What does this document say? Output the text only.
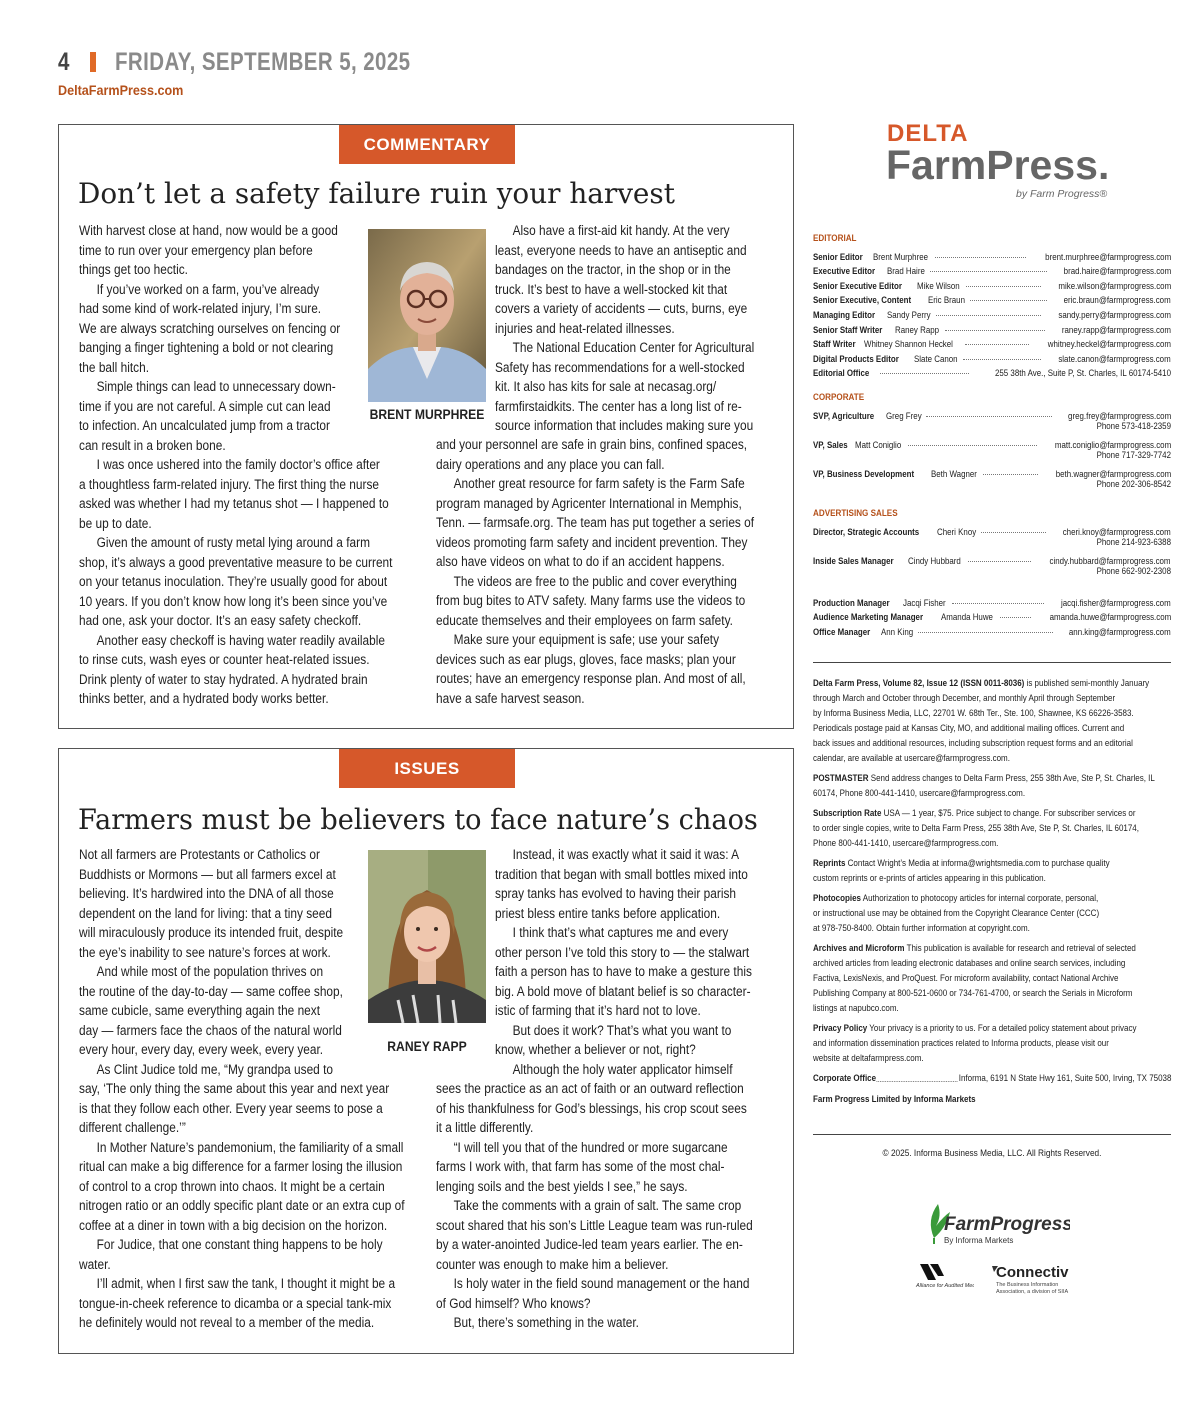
4 FRIDAY, SEPTEMBER 5, 2025
DeltaFarmPress.com
COMMENTARY
Don’t let a safety failure ruin your harvest

With harvest close at hand, now would be a good

time to run over your emergency plan before

things get too hectic.

If you’ve worked on a farm, you’ve already

had some kind of work-related injury, I’m sure.

We are always scratching ourselves on fencing or

banging a finger tightening a bold or not clearing

the ball hitch.

Simple things can lead to unnecessary down-

time if you are not careful. A simple cut can lead

to infection. An uncalculated jump from a tractor

can result in a broken bone.

I was once ushered into the family doctor’s office after

a thoughtless farm-related injury. The first thing the nurse

asked was whether I had my tetanus shot — I happened to

be up to date.

Given the amount of rusty metal lying around a farm

shop, it’s always a good preventative measure to be current

on your tetanus inoculation. They’re usually good for about

10 years. If you don’t know how long it’s been since you’ve

had one, ask your doctor. It’s an easy safety checkoff.

Another easy checkoff is having water readily available

to rinse cuts, wash eyes or counter heat-related issues.

Drink plenty of water to stay hydrated. A hydrated brain

thinks better, and a hydrated body works better.

BRENT MURPHREE

Also have a first-aid kit handy. At the very

least, everyone needs to have an antiseptic and

bandages on the tractor, in the shop or in the

truck. It’s best to have a well-stocked kit that

covers a variety of accidents — cuts, burns, eye

injuries and heat-related illnesses.

The National Education Center for Agricultural

Safety has recommendations for a well-stocked

kit. It also has kits for sale at necasag.org/

farmfirstaidkits. The center has a long list of re-

source information that includes making sure you

and your personnel are safe in grain bins, confined spaces,

dairy operations and any place you can fall.

Another great resource for farm safety is the Farm Safe

program managed by Agricenter International in Memphis,

Tenn. — farmsafe.org. The team has put together a series of

videos promoting farm safety and incident prevention. They

also have videos on what to do if an accident happens.

The videos are free to the public and cover everything

from bug bites to ATV safety. Many farms use the videos to

educate themselves and their employees on farm safety.

Make sure your equipment is safe; use your safety

devices such as ear plugs, gloves, face masks; plan your

routes; have an emergency response plan. And most of all,

have a safe harvest season.

ISSUES
Farmers must be believers to face nature’s chaos

Not all farmers are Protestants or Catholics or

Buddhists or Mormons — but all farmers excel at

believing. It’s hardwired into the DNA of all those

dependent on the land for living: that a tiny seed

will miraculously produce its intended fruit, despite

the eye’s inability to see nature’s forces at work.

And while most of the population thrives on

the routine of the day-to-day — same coffee shop,

same cubicle, same everything again the next

day — farmers face the chaos of the natural world

every hour, every day, every week, every year.

As Clint Judice told me, “My grandpa used to

say, ‘The only thing the same about this year and next year

is that they follow each other. Every year seems to pose a

different challenge.’”

In Mother Nature’s pandemonium, the familiarity of a small

ritual can make a big difference for a farmer losing the illusion

of control to a crop thrown into chaos. It might be a certain

nitrogen ratio or an oddly specific plant date or an extra cup of

coffee at a diner in town with a big decision on the horizon.

For Judice, that one constant thing happens to be holy

water.

I’ll admit, when I first saw the tank, I thought it might be a

tongue-in-cheek reference to dicamba or a special tank-mix

he definitely would not reveal to a member of the media.

RANEY RAPP

Instead, it was exactly what it said it was: A

tradition that began with small bottles mixed into

spray tanks has evolved to having their parish

priest bless entire tanks before application.

I think that’s what captures me and every

other person I’ve told this story to — the stalwart

faith a person has to have to make a gesture this

big. A bold move of blatant belief is so character-

istic of farming that it’s hard not to love.

But does it work? That’s what you want to

know, whether a believer or not, right?

Although the holy water applicator himself

sees the practice as an act of faith or an outward reflection

of his thankfulness for God’s blessings, his crop scout sees

it a little differently.

“I will tell you that of the hundred or more sugarcane

farms I work with, that farm has some of the most chal-

lenging soils and the best yields I see,” he says.

Take the comments with a grain of salt. The same crop

scout shared that his son’s Little League team was run-ruled

by a water-anointed Judice-led team years earlier. The en-

counter was enough to make him a believer.

Is holy water in the field sound management or the hand

of God himself? Who knows?

But, there’s something in the water.

DELTA
FarmPress.
by Farm Progress®
EDITORIAL
Senior Editor Brent Murphree	brent.murphree@farmprogress.com
Executive Editor Brad Haire	brad.haire@farmprogress.com
Senior Executive Editor Mike Wilson	mike.wilson@farmprogress.com
Senior Executive, Content Eric Braun	eric.braun@farmprogress.com
Managing Editor Sandy Perry	sandy.perry@farmprogress.com
Senior Staff Writer Raney Rapp	raney.rapp@farmprogress.com
Staff Writer Whitney Shannon Heckel	whitney.heckel@farmprogress.com
Digital Products Editor Slate Canon	slate.canon@farmprogress.com
Editorial Office	255 38th Ave., Suite P, St. Charles, IL 60174-5410
CORPORATE
SVP, Agriculture Greg Frey	greg.frey@farmprogress.com
Phone 573-418-2359
VP, Sales Matt Coniglio	matt.coniglio@farmprogress.com
Phone 717-329-7742
VP, Business Development Beth Wagner	beth.wagner@farmprogress.com
Phone 202-306-8542
ADVERTISING SALES
Director, Strategic Accounts Cheri Knoy	cheri.knoy@farmprogress.com
Phone 214-923-6388
Inside Sales Manager Cindy Hubbard	cindy.hubbard@farmprogress.com
Phone 662-902-2308
Production Manager Jacqi Fisher	jacqi.fisher@farmprogress.com
Audience Marketing Manager Amanda Huwe	amanda.huwe@farmprogress.com
Office Manager Ann King	ann.king@farmprogress.com
Delta Farm Press, Volume 82, Issue 12 (ISSN 0011-8036) is published semi-monthly January
through March and October through December, and monthly April through September
by Informa Business Media, LLC, 22701 W. 68th Ter., Ste. 100, Shawnee, KS 66226-3583.
Periodicals postage paid at Kansas City, MO, and additional mailing offices. Current and
back issues and additional resources, including subscription request forms and an editorial
calendar, are available at usercare@farmprogress.com.
POSTMASTER Send address changes to Delta Farm Press, 255 38th Ave, Ste P, St. Charles, IL
60174, Phone 800-441-1410, usercare@farmprogress.com.
Subscription Rate USA — 1 year, $75. Price subject to change. For subscriber services or
to order single copies, write to Delta Farm Press, 255 38th Ave, Ste P, St. Charles, IL 60174,
Phone 800-441-1410, usercare@farmprogress.com.
Reprints Contact Wright’s Media at informa@wrightsmedia.com to purchase quality
custom reprints or e-prints of articles appearing in this publication.
Photocopies Authorization to photocopy articles for internal corporate, personal,
or instructional use may be obtained from the Copyright Clearance Center (CCC)
at 978-750-8400. Obtain further information at copyright.com.
Archives and Microform This publication is available for research and retrieval of selected
archived articles from leading electronic databases and online search services, including
Factiva, LexisNexis, and ProQuest. For microform availability, contact National Archive
Publishing Company at 800-521-0600 or 734-761-4700, or search the Serials in Microform
listings at napubco.com.
Privacy Policy Your privacy is a priority to us. For a detailed policy statement about privacy
and information dissemination practices related to Informa products, please visit our
website at deltafarmpress.com.
Corporate Office	Informa, 6191 N State Hwy 161, Suite 500, Irving, TX 75038
Farm Progress Limited by Informa Markets
© 2025. Informa Business Media, LLC. All Rights Reserved.
FarmProgress.
By Informa Markets
Alliance for Audited Media
Connectiv
The Business Information
Association, a division of SIIA
